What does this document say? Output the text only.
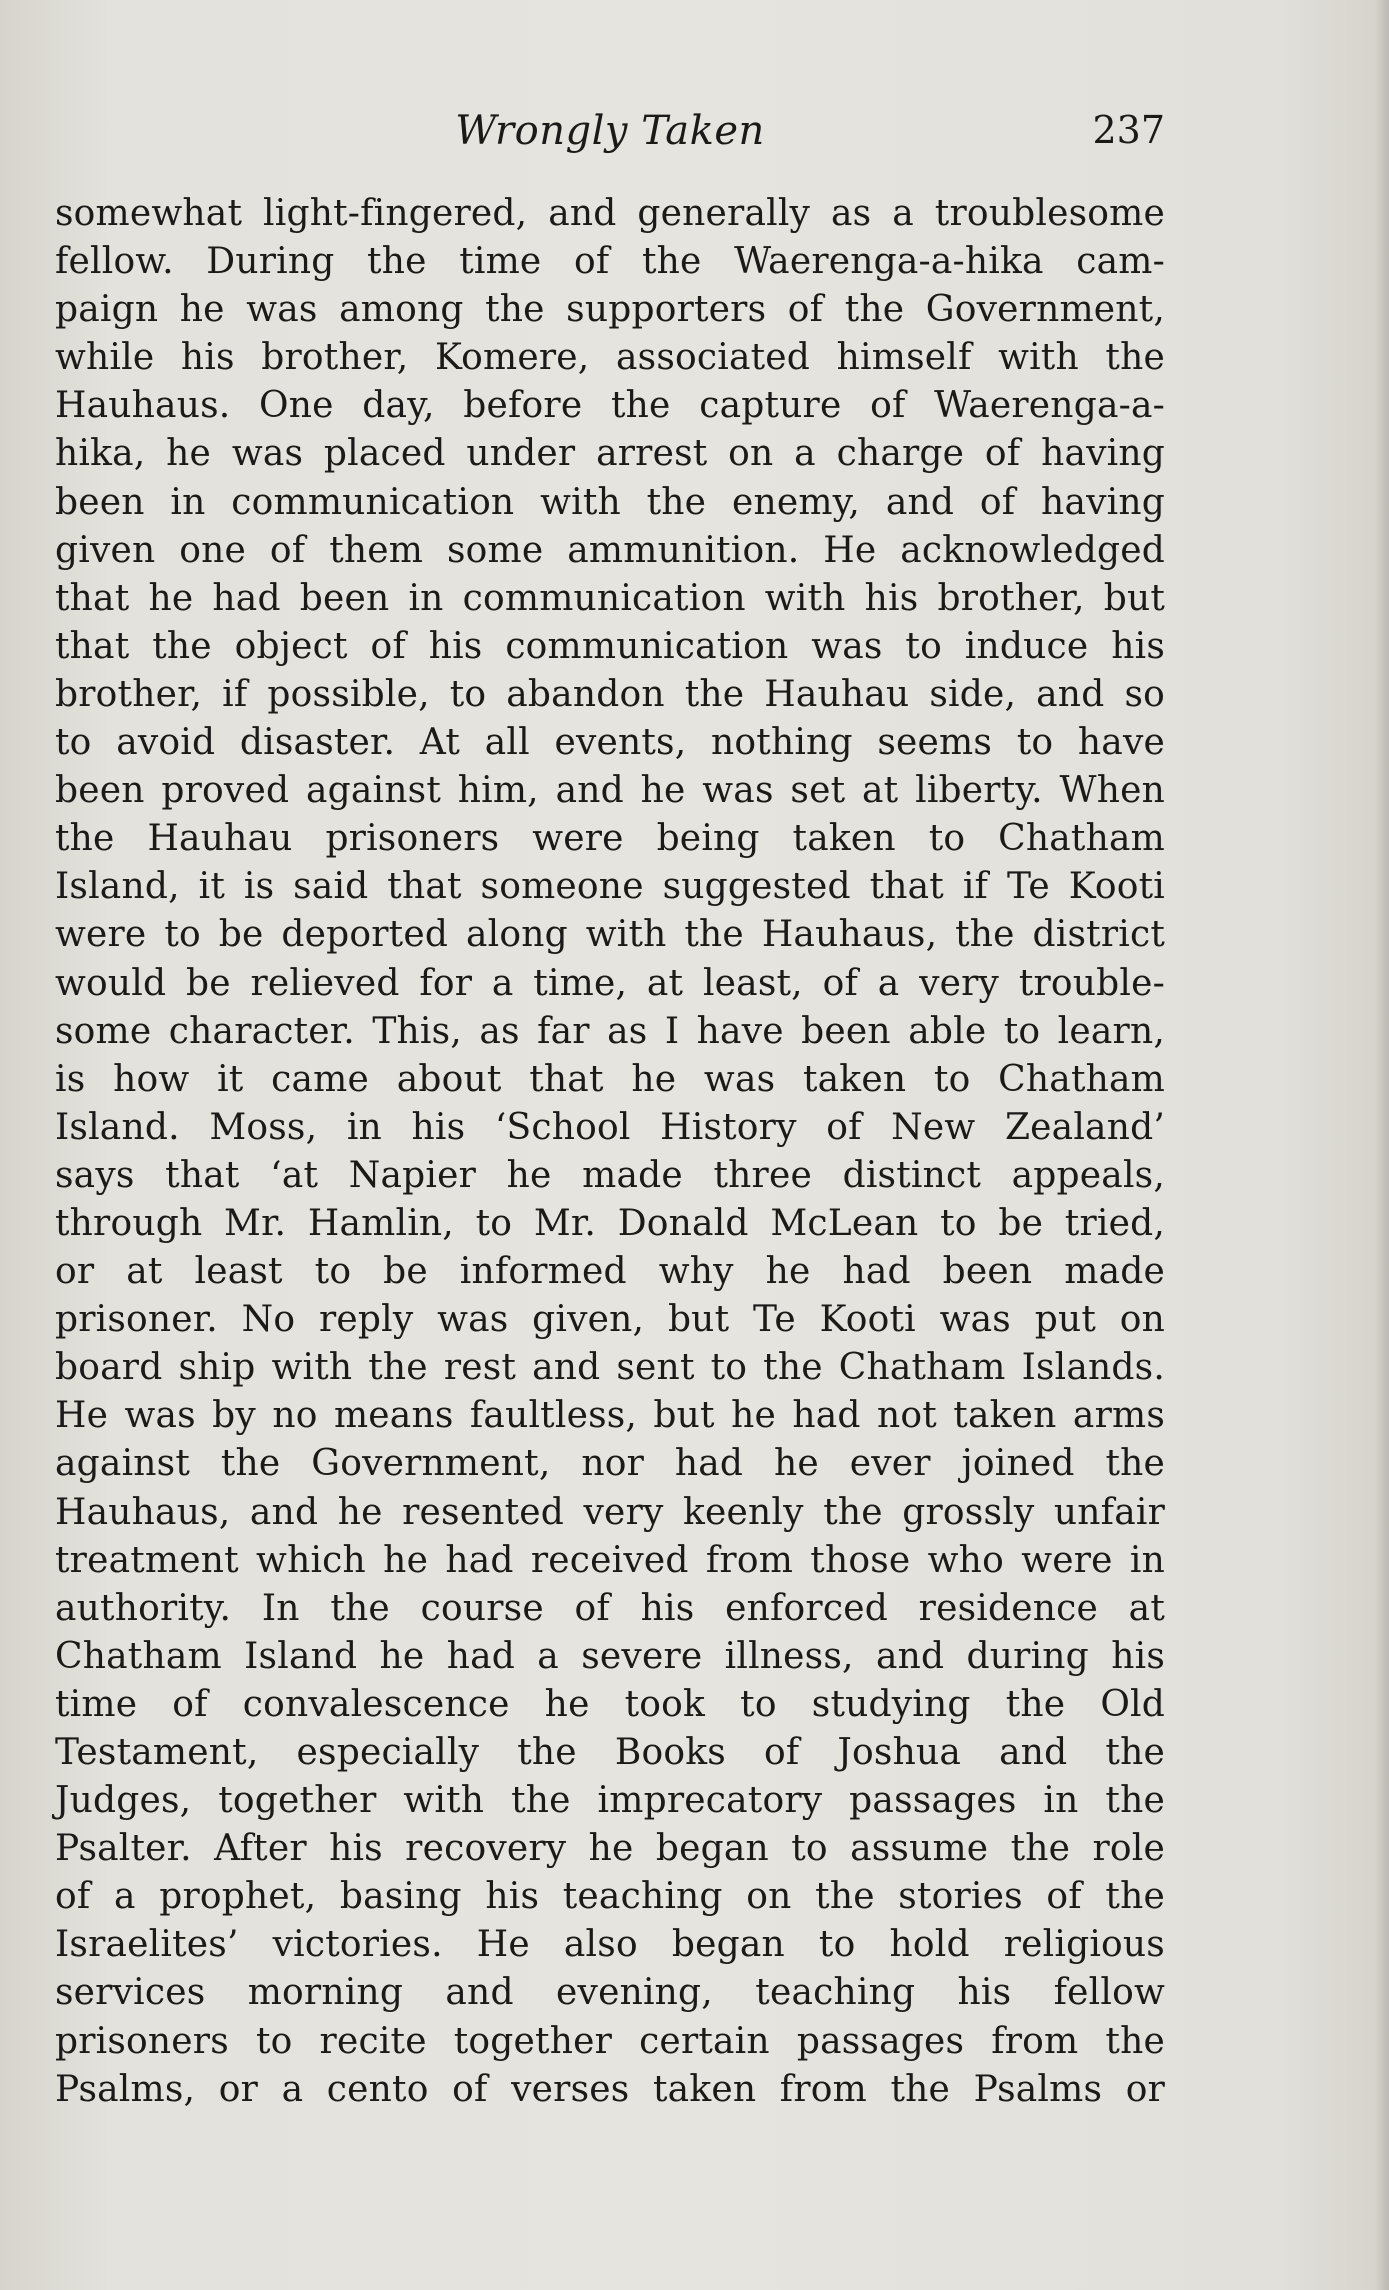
Wrongly Taken	237
somewhat light-fingered, and generally as a troublesome
fellow. During the time of the Waerenga-a-hika cam-
paign he was among the supporters of the Government,
while his brother, Komere, associated himself with the
Hauhaus. One day, before the capture of Waerenga-a-
hika, he was placed under arrest on a charge of having
been in communication with the enemy, and of having
given one of them some ammunition. He acknowledged
that he had been in communication with his brother, but
that the object of his communication was to induce his
brother, if possible, to abandon the Hauhau side, and so
to avoid disaster. At all events, nothing seems to have
been proved against him, and he was set at liberty. When
the Hauhau prisoners were being taken to Chatham
Island, it is said that someone suggested that if Te Kooti
were to be deported along with the Hauhaus, the district
would be relieved for a time, at least, of a very trouble-
some character. This, as far as I have been able to learn,
is how it came about that he was taken to Chatham
Island. Moss, in his ‘School History of New Zealand’
says that ‘at Napier he made three distinct appeals,
through Mr. Hamlin, to Mr. Donald McLean to be tried,
or at least to be informed why he had been made
prisoner. No reply was given, but Te Kooti was put on
board ship with the rest and sent to the Chatham Islands.
He was by no means faultless, but he had not taken arms
against the Government, nor had he ever joined the
Hauhaus, and he resented very keenly the grossly unfair
treatment which he had received from those who were in
authority. In the course of his enforced residence at
Chatham Island he had a severe illness, and during his
time of convalescence he took to studying the Old
Testament, especially the Books of Joshua and the
Judges, together with the imprecatory passages in the
Psalter. After his recovery he began to assume the role
of a prophet, basing his teaching on the stories of the
Israelites’ victories. He also began to hold religious
services morning and evening, teaching his fellow
prisoners to recite together certain passages from the
Psalms, or a cento of verses taken from the Psalms or
